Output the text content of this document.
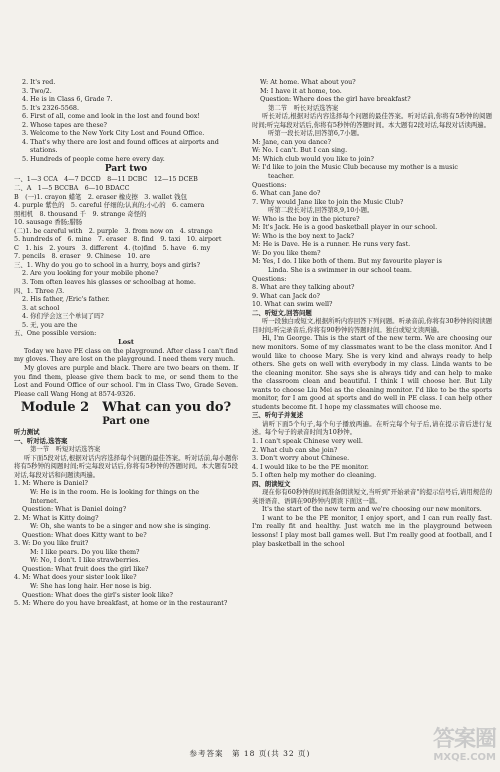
2. It's red.
3. Two/2.
4. He is in Class 6, Grade 7.
5. It's 2326-5568.
6. First of all, come and look in the lost and found box!
2. Whose tapes are these?
3. Welcome to the New York City Lost and Found Office.
4. That's why there are lost and found offices at airports and
stations.
5. Hundreds of people come here every day.
Part two
一、1—3 CCA　4—7 DCCD　8—11 DCBC　12—15 DCEB
二、A　1—5 BCCBA　6—10 BDACC
B　(一)1. crayon 蜡笔　2. eraser 橡皮擦　3. wallet 钱包
4. purple 紫色的　5. careful 仔细的;认真的;小心的　6. camera
照相机　8. thousand 千　9. strange 奇怪的
10. sausage 香肠;腊肠
(二)1. be careful with　2. purple　3. from now on　4. strange
5. hundreds of　6. mine　7. eraser　8. find　9. taxi　10. airport
C　1. his　2. yours　3. different　4. (to)find　5. have　6. my
7. pencils　8. eraser　9. Chinese　10. are
三、1. Why do you go to school in a hurry, boys and girls?
2. Are you looking for your mobile phone?
3. Tom often leaves his glasses or schoolbag at home.
四、1. Three /3.
2. His father, /Eric's father.
3. at school
4. 你们学会这三个单词了吗?
5. 无, you are the
五、One possible version:
Lost
Today we have PE class on the playground. After class I can't find my gloves. They are lost on the playground. I need them very much.
My gloves are purple and black. There are two bears on them. If you find them, please give them back to me, or send them to the Lost and Found Office of our school. I'm in Class Two, Grade Seven. Please call Wang Hong at 8574-9326.
Module 2　What can you do?
Part one
听力测试
一、听对话,选答案
第一节　听短对话选答案
听下面5段对话,根据对话内容选择每个问题的最佳答案。听对话前,每小题你将有5秒钟的阅题时间;听完每段对话后,你将有5秒钟的答题时间。本大题有5段对话,每段对话和问题读两遍。
1. M: Where is Daniel?
W: He is in the room. He is looking for things on the
Internet.
Question: What is Daniel doing?
2. M: What is Kitty doing?
W: Oh, she wants to be a singer and now she is singing.
Question: What does Kitty want to be?
3. W: Do you like fruit?
M: I like pears. Do you like them?
W: No, I don't. I like strawberries.
Question: What fruit does the girl like?
4. M: What does your sister look like?
W: She has long hair. Her nose is big.
Question: What does the girl's sister look like?
5. M: Where do you have breakfast, at home or in the restaurant?
W: At home. What about you?
M: I have it at home, too.
Question: Where does the girl have breakfast?
第二节　听长对话选答案
听长对话,根据对话内容选择每个问题的最佳答案。听对话前,你将有5秒钟的阅题时间;听完每段对话后,你将有5秒钟的答题时间。本大题有2段对话,每段对话读两遍。
听第一段长对话,回答第6,7小题。
M: Jane, can you dance?
W: No. I can't. But I can sing.
M: Which club would you like to join?
W: I'd like to join the Music Club because my mother is a music
teacher.
Questions:
6. What can Jane do?
7. Why would Jane like to join the Music Club?
听第二段长对话,回答第8,9,10小题。
W: Who is the boy in the picture?
M: It's Jack. He is a good basketball player in our school.
W: Who is the boy next to Jack?
M: He is Dave. He is a runner. He runs very fast.
W: Do you like them?
M: Yes, I do. I like both of them. But my favourite player is
Linda. She is a swimmer in our school team.
Questions:
8. What are they talking about?
9. What can Jack do?
10. What can swim well?
二、听短文,回答问题
听一段独白或短文,根据所听内容回答下列问题。听录音前,你将有30秒钟的阅读题目时间;听完录音后,你将有90秒钟的答题时间。独白或短文读两遍。
Hi, I'm George. This is the start of the new term. We are choosing our new monitors. Some of my classmates want to be the class monitor. And I would like to choose Mary. She is very kind and always ready to help others. She gets on well with everybody in my class. Linda wants to be the cleaning monitor. She says she is always tidy and can help to make the classroom clean and beautiful. I think I will choose her. But Lily wants to choose Liu Mei as the cleaning monitor. I'd like to be the sports monitor, for I am good at sports and do well in PE class. I can help other students become fit. I hope my classmates will choose me.
三、听句子并复述
请听下面5个句子,每个句子播放两遍。在听完每个句子后,请在提示音后进行复述。每个句子的录音时间为10秒钟。
1. I can't speak Chinese very well.
2. What club can she join?
3. Don't worry about Chinese.
4. I would like to be the PE monitor.
5. I often help my mother do cleaning.
四、朗读短文
现在你有60秒钟的时间准备朗读短文,当听到"开始录音"的提示信号后,请用规范的英语语音、语调在90秒钟内朗读下面这一篇。
It's the start of the new term and we're choosing our new monitors.
I want to be the PE monitor, I enjoy sport, and I can run really fast. I'm really fit and healthy. Just watch me in the playground between lessons! I play most ball games well. But I'm really good at football, and I play basketball in the school
参考答案　第 18 页(共 32 页)
答案圈
MXQE.COM
